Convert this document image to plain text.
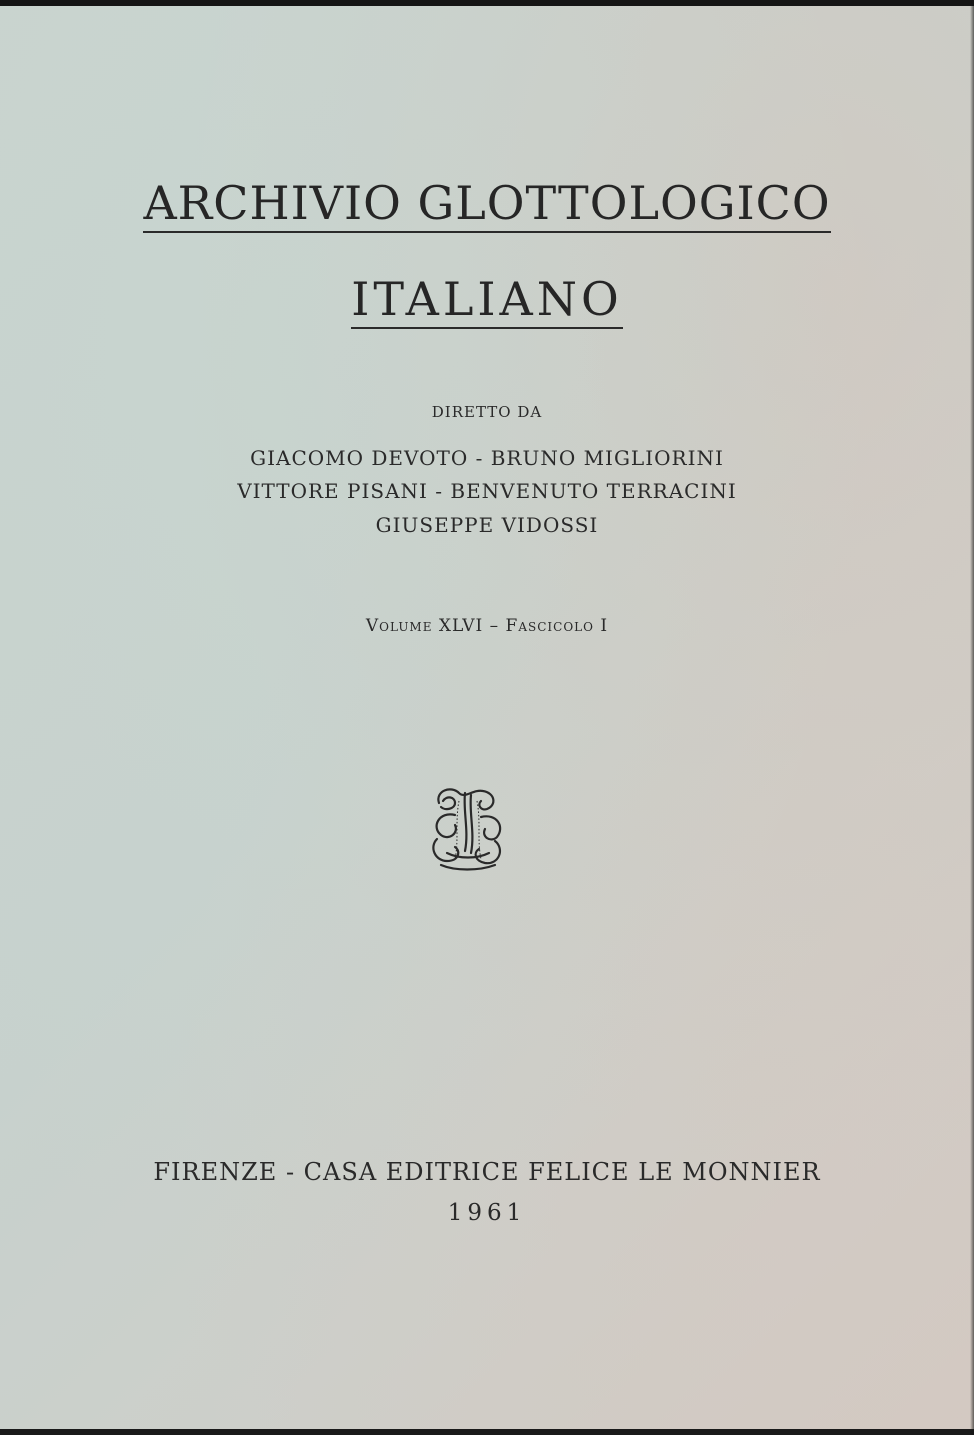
ARCHIVIO GLOTTOLOGICO
ITALIANO
DIRETTO DA
GIACOMO DEVOTO - BRUNO MIGLIORINI
VITTORE PISANI - BENVENUTO TERRACINI
GIUSEPPE VIDOSSI
Volume XLVI – Fascicolo I
FIRENZE - CASA EDITRICE FELICE LE MONNIER
1961
